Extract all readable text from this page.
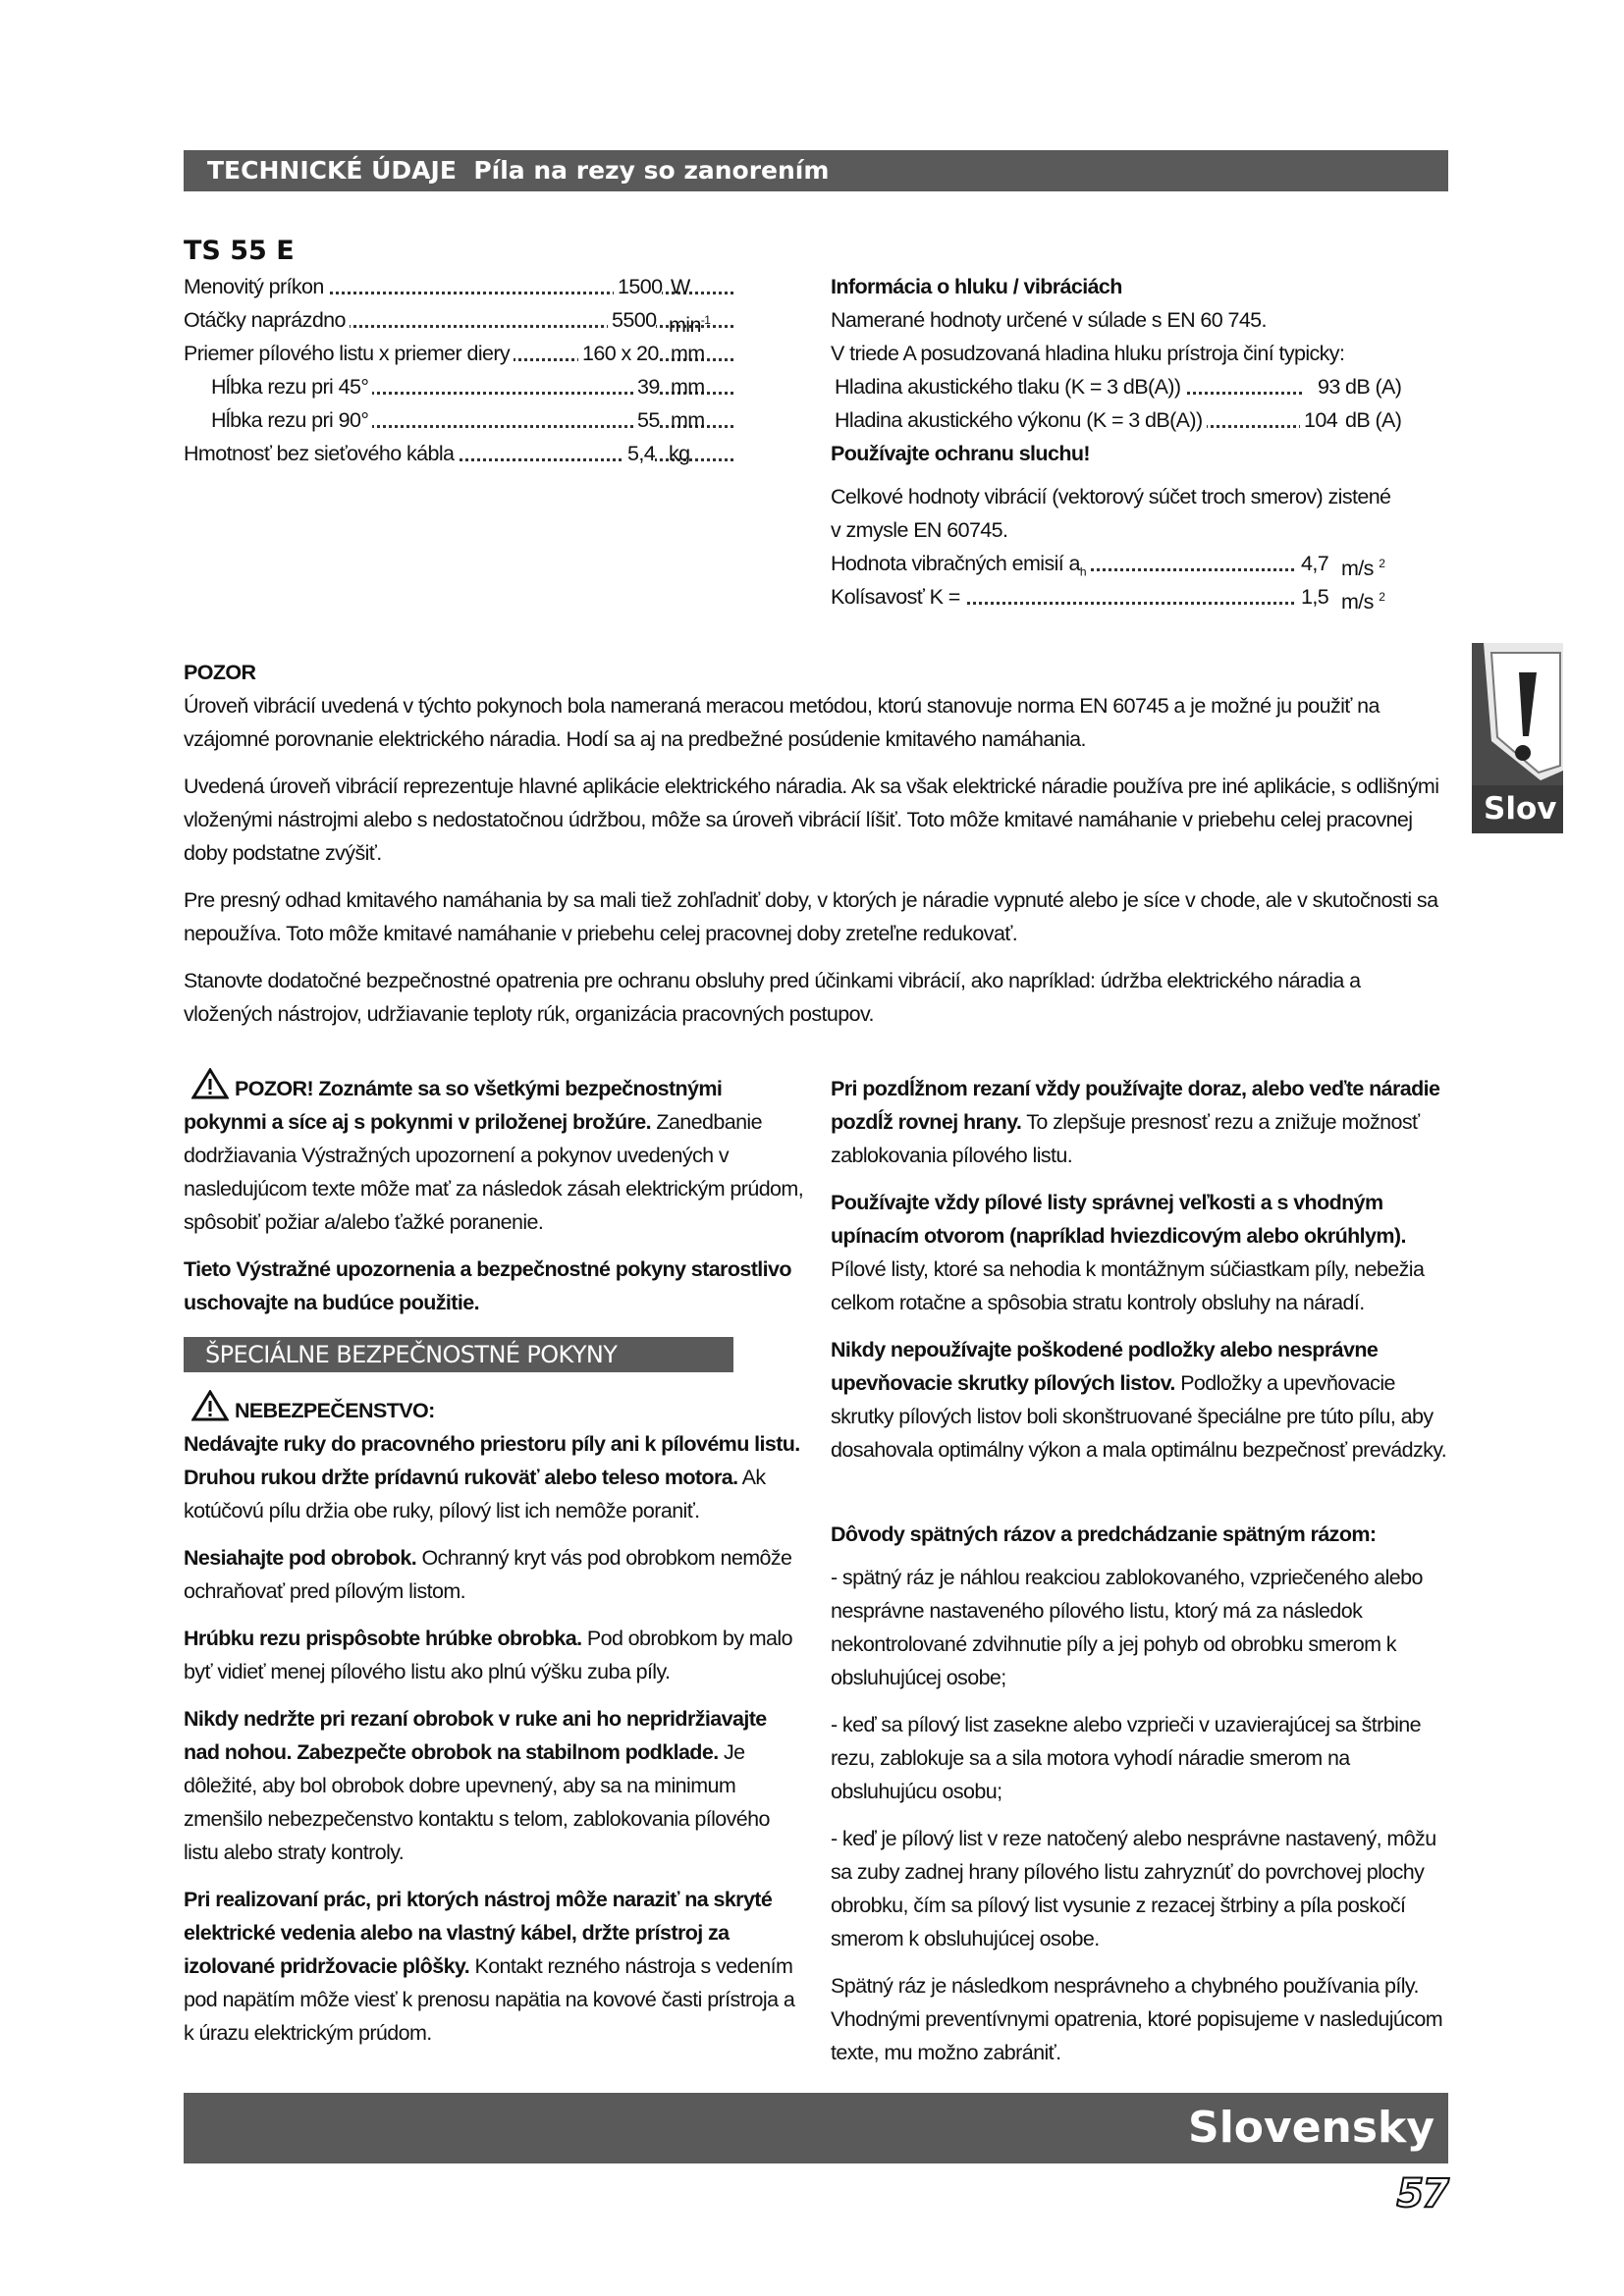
TECHNICKÉ ÚDAJE Píla na rezy so zanorením
TS 55 E
Menovitý príkon	1500 W
Otáčky naprázdno	5500 $\min^{-1}$
Priemer pílového listu x priemer diery	160 x 20 mm
Hĺbka rezu pri 45°	39 mm
Hĺbka rezu pri 90°	55 mm
Hmotnosť bez sieťového kábla	5,4 kg
Informácia o hluku / vibráciách
Namerané hodnoty určené v súlade s EN 60 745.
V triede A posudzovaná hladina hluku prístroja činí typicky:
Hladina akustického tlaku (K = 3 dB(A))	93 dB (A)
Hladina akustického výkonu (K = 3 dB(A))	104 dB (A)
Používajte ochranu sluchu!
Celkové hodnoty vibrácií (vektorový súčet troch smerov) zistené
v zmysle EN 60745.
Hodnota vibračných emisií $a_h$	4,7 m/s $^2$
Kolísavosť K =	1,5 m/s $^2$
POZOR

Úroveň vibrácií uvedená v týchto pokynoch bola nameraná meracou metódou, ktorú stanovuje norma EN 60745 a je možné ju použiť na vzájomné porovnanie elektrického náradia. Hodí sa aj na predbežné posúdenie kmitavého namáhania.

Uvedená úroveň vibrácií reprezentuje hlavné aplikácie elektrického náradia. Ak sa však elektrické náradie používa pre iné aplikácie, s odlišnými vloženými nástrojmi alebo s nedostatočnou údržbou, môže sa úroveň vibrácií líšiť. Toto môže kmitavé namáhanie v priebehu celej pracovnej doby podstatne zvýšiť.

Pre presný odhad kmitavého namáhania by sa mali tiež zohľadniť doby, v ktorých je náradie vypnuté alebo je síce v chode, ale v skutočnosti sa nepoužíva. Toto môže kmitavé namáhanie v priebehu celej pracovnej doby zreteľne redukovať.

Stanovte dodatočné bezpečnostné opatrenia pre ochranu obsluhy pred účinkami vibrácií, ako napríklad: údržba elektrického náradia a vložených nástrojov, udržiavanie teploty rúk, organizácia pracovných postupov.

Slov

POZOR! Zoznámte sa so všetkými bezpečnostnými pokynmi a síce aj s pokynmi v priloženej brožúre. Zanedbanie dodržiavania Výstražných upozornení a pokynov uvedených v nasledujúcom texte môže mať za následok zásah elektrickým prúdom, spôsobiť požiar a/alebo ťažké poranenie.

Tieto Výstražné upozornenia a bezpečnostné pokyny starostlivo uschovajte na budúce použitie.

ŠPECIÁLNE BEZPEČNOSTNÉ POKYNY
NEBEZPEČENSTVO:

Nedávajte ruky do pracovného priestoru píly ani k pílovému listu. Druhou rukou držte prídavnú rukoväť alebo teleso motora. Ak kotúčovú pílu držia obe ruky, pílový list ich nemôže poraniť.

Nesiahajte pod obrobok. Ochranný kryt vás pod obrobkom nemôže ochraňovať pred pílovým listom.

Hrúbku rezu prispôsobte hrúbke obrobka. Pod obrobkom by malo byť vidieť menej pílového listu ako plnú výšku zuba píly.

Nikdy nedržte pri rezaní obrobok v ruke ani ho nepridržiavajte nad nohou. Zabezpečte obrobok na stabilnom podklade. Je dôležité, aby bol obrobok dobre upevnený, aby sa na minimum zmenšilo nebezpečenstvo kontaktu s telom, zablokovania pílového listu alebo straty kontroly.

Pri realizovaní prác, pri ktorých nástroj môže naraziť na skryté elektrické vedenia alebo na vlastný kábel, držte prístroj za izolované pridržovacie plôšky. Kontakt rezného nástroja s vedením pod napätím môže viesť k prenosu napätia na kovové časti prístroja a k úrazu elektrickým prúdom.

Pri pozdĺžnom rezaní vždy používajte doraz, alebo veďte náradie pozdĺž rovnej hrany. To zlepšuje presnosť rezu a znižuje možnosť zablokovania pílového listu.

Používajte vždy pílové listy správnej veľkosti a s vhodným upínacím otvorom (napríklad hviezdicovým alebo okrúhlym). Pílové listy, ktoré sa nehodia k montážnym súčiastkam píly, nebežia celkom rotačne a spôsobia stratu kontroly obsluhy na náradí.

Nikdy nepoužívajte poškodené podložky alebo nesprávne upevňovacie skrutky pílových listov. Podložky a upevňovacie skrutky pílových listov boli skonštruované špeciálne pre túto pílu, aby dosahovala optimálny výkon a mala optimálnu bezpečnosť prevádzky.

Dôvody spätných rázov a predchádzanie spätným rázom:

- spätný ráz je náhlou reakciou zablokovaného, vzpriečeného alebo nesprávne nastaveného pílového listu, ktorý má za následok nekontrolované zdvihnutie píly a jej pohyb od obrobku smerom k obsluhujúcej osobe;

- keď sa pílový list zasekne alebo vzprieči v uzavierajúcej sa štrbine rezu, zablokuje sa a sila motora vyhodí náradie smerom na obsluhujúcu osobu;

- keď je pílový list v reze natočený alebo nesprávne nastavený, môžu sa zuby zadnej hrany pílového listu zahryznúť do povrchovej plochy obrobku, čím sa pílový list vysunie z rezacej štrbiny a píla poskočí smerom k obsluhujúcej osobe.

Spätný ráz je následkom nesprávneho a chybného používania píly. Vhodnými preventívnymi opatrenia, ktoré popisujeme v nasledujúcom texte, mu možno zabrániť.

Slovensky
57
